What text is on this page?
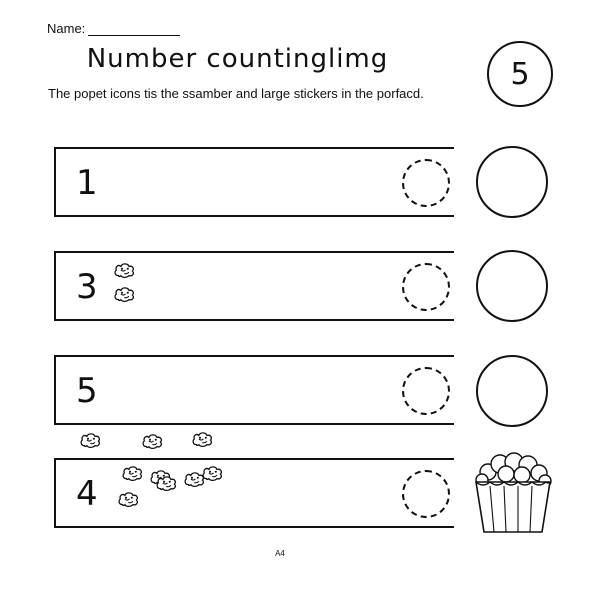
Name:
Number countinglimg
The popet icons tis the ssamber and large stickers in the porfacd.
5
1
3
5
4
A4
